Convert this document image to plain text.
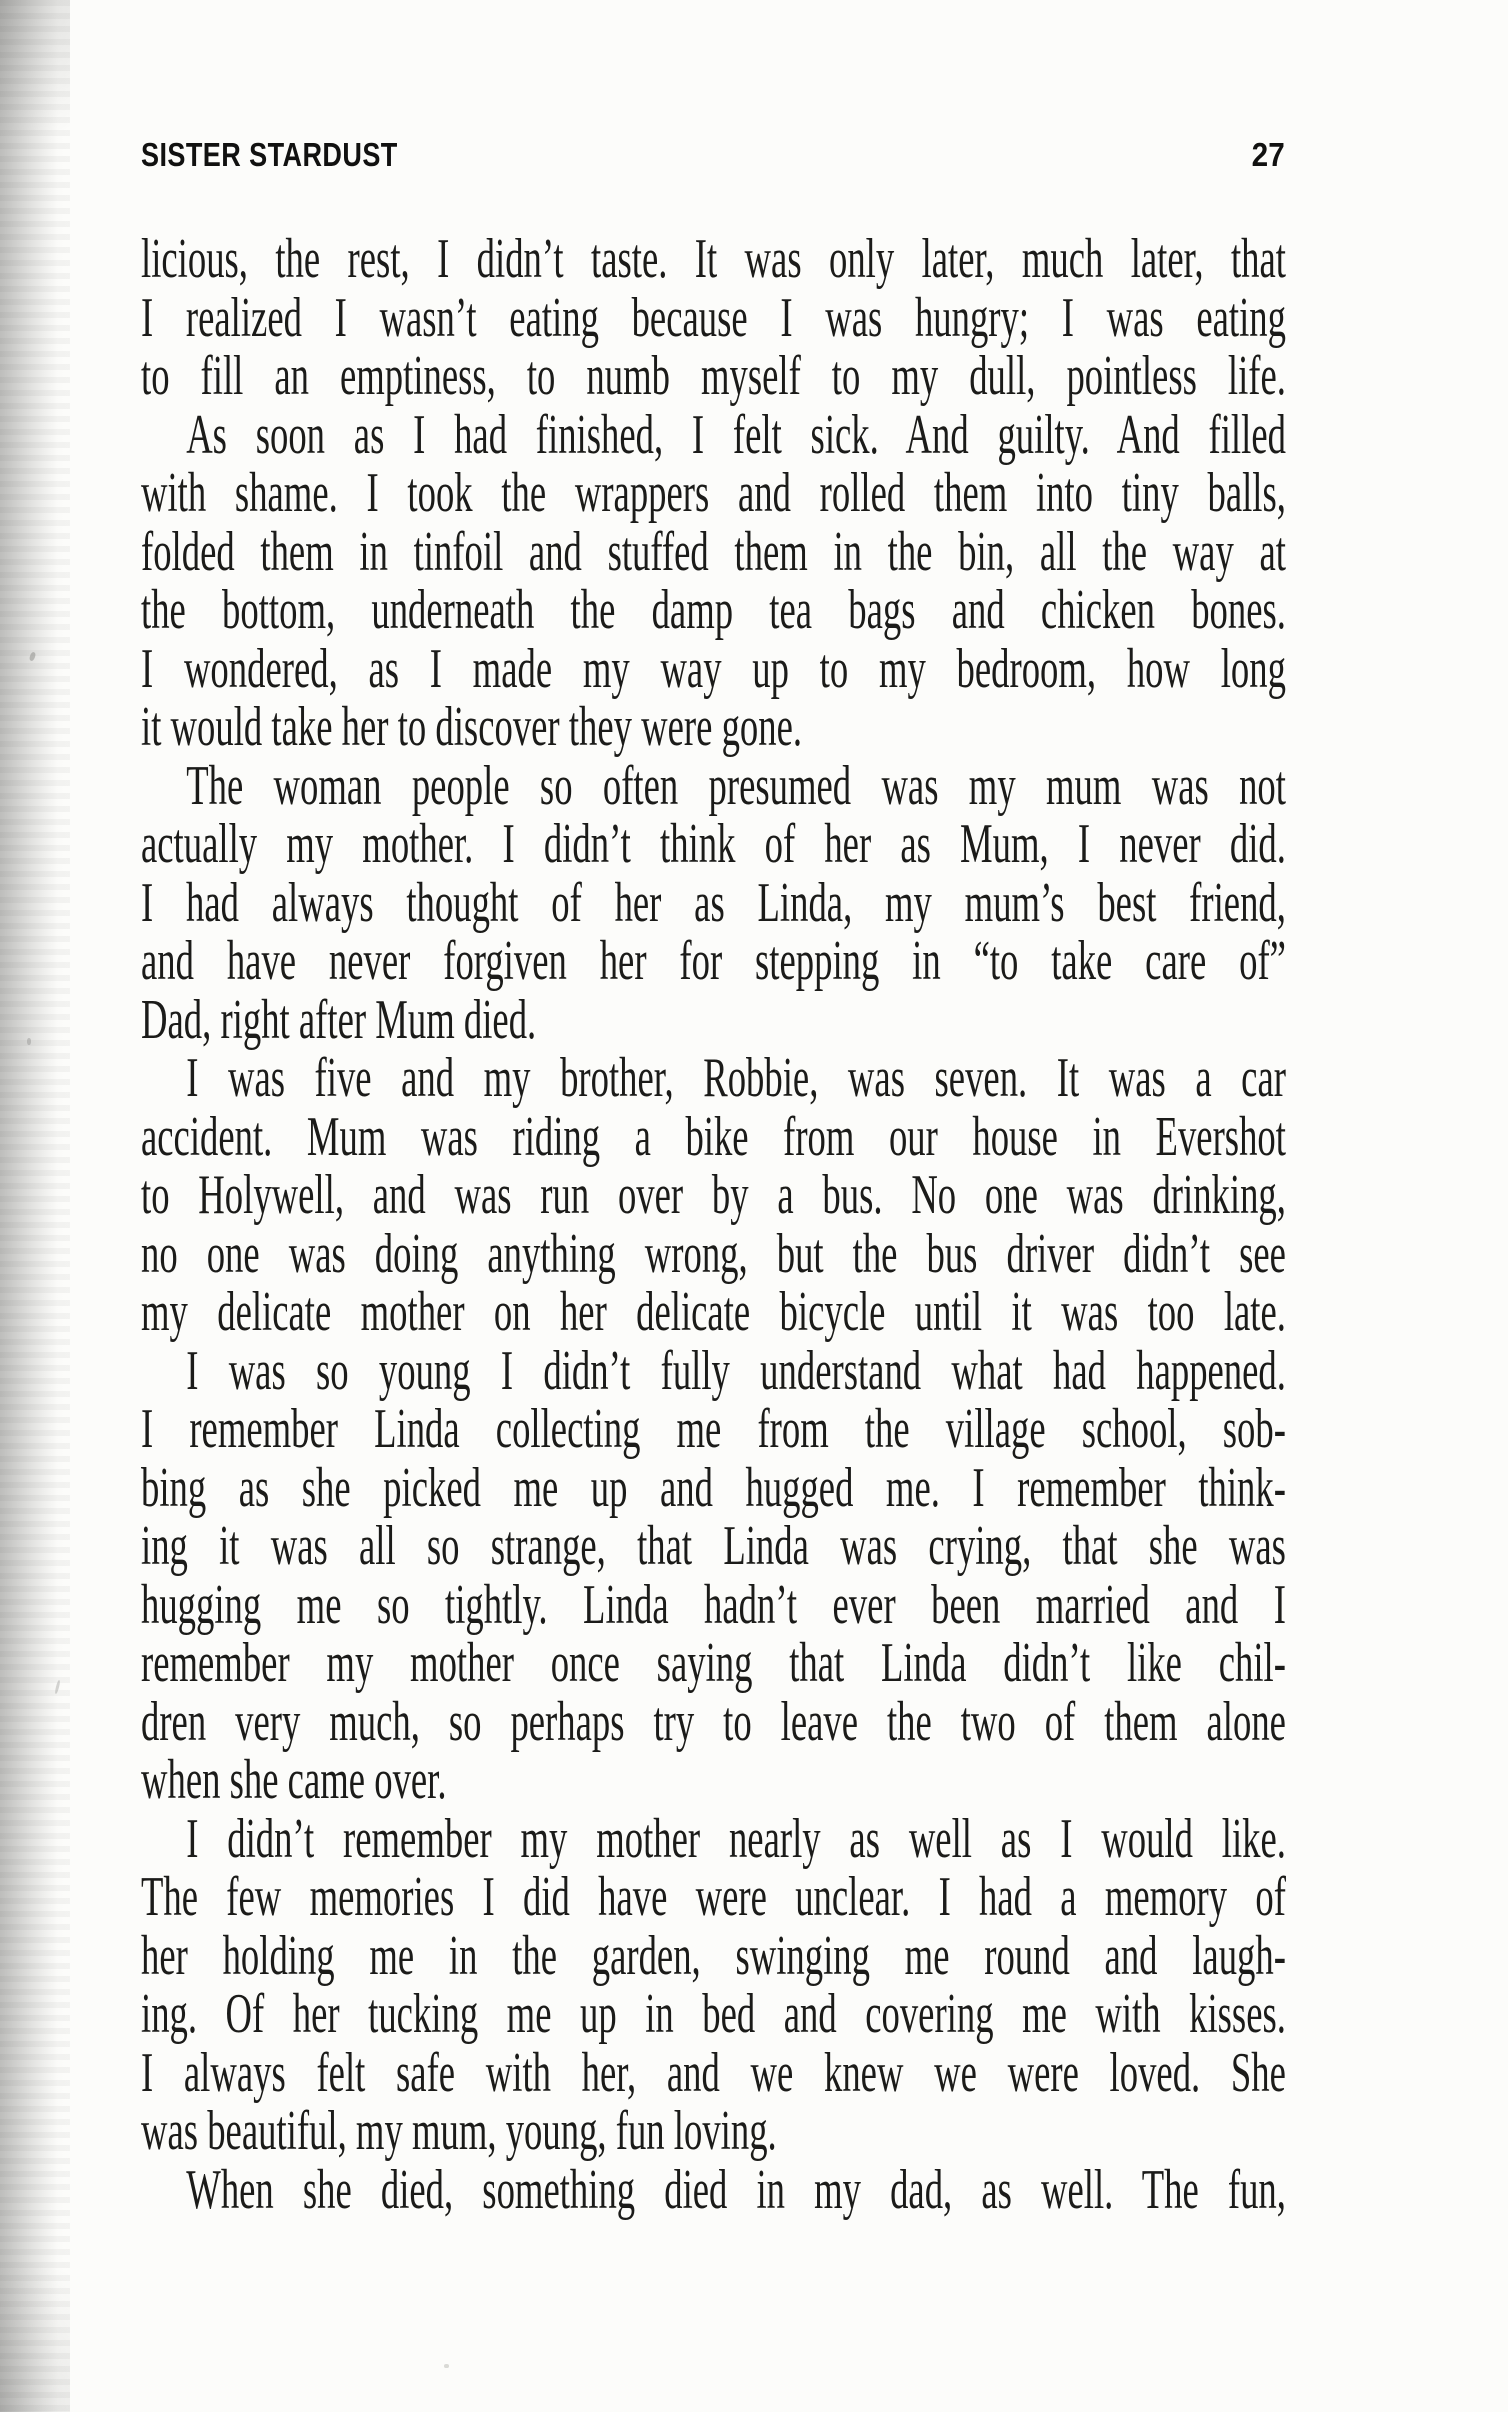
SISTER STARDUST	27
licious, the rest, I didn’t taste. It was only later, much later, that
I realized I wasn’t eating because I was hungry; I was eating
to fill an emptiness, to numb myself to my dull, pointless life.
As soon as I had finished, I felt sick. And guilty. And filled
with shame. I took the wrappers and rolled them into tiny balls,
folded them in tinfoil and stuffed them in the bin, all the way at
the bottom, underneath the damp tea bags and chicken bones.
I wondered, as I made my way up to my bedroom, how long
it would take her to discover they were gone.
The woman people so often presumed was my mum was not
actually my mother. I didn’t think of her as Mum, I never did.
I had always thought of her as Linda, my mum’s best friend,
and have never forgiven her for stepping in “to take care of”
Dad, right after Mum died.
I was five and my brother, Robbie, was seven. It was a car
accident. Mum was riding a bike from our house in Evershot
to Holywell, and was run over by a bus. No one was drinking,
no one was doing anything wrong, but the bus driver didn’t see
my delicate mother on her delicate bicycle until it was too late.
I was so young I didn’t fully understand what had happened.
I remember Linda collecting me from the village school, sob-
bing as she picked me up and hugged me. I remember think-
ing it was all so strange, that Linda was crying, that she was
hugging me so tightly. Linda hadn’t ever been married and I
remember my mother once saying that Linda didn’t like chil-
dren very much, so perhaps try to leave the two of them alone
when she came over.
I didn’t remember my mother nearly as well as I would like.
The few memories I did have were unclear. I had a memory of
her holding me in the garden, swinging me round and laugh-
ing. Of her tucking me up in bed and covering me with kisses.
I always felt safe with her, and we knew we were loved. She
was beautiful, my mum, young, fun loving.
When she died, something died in my dad, as well. The fun,
